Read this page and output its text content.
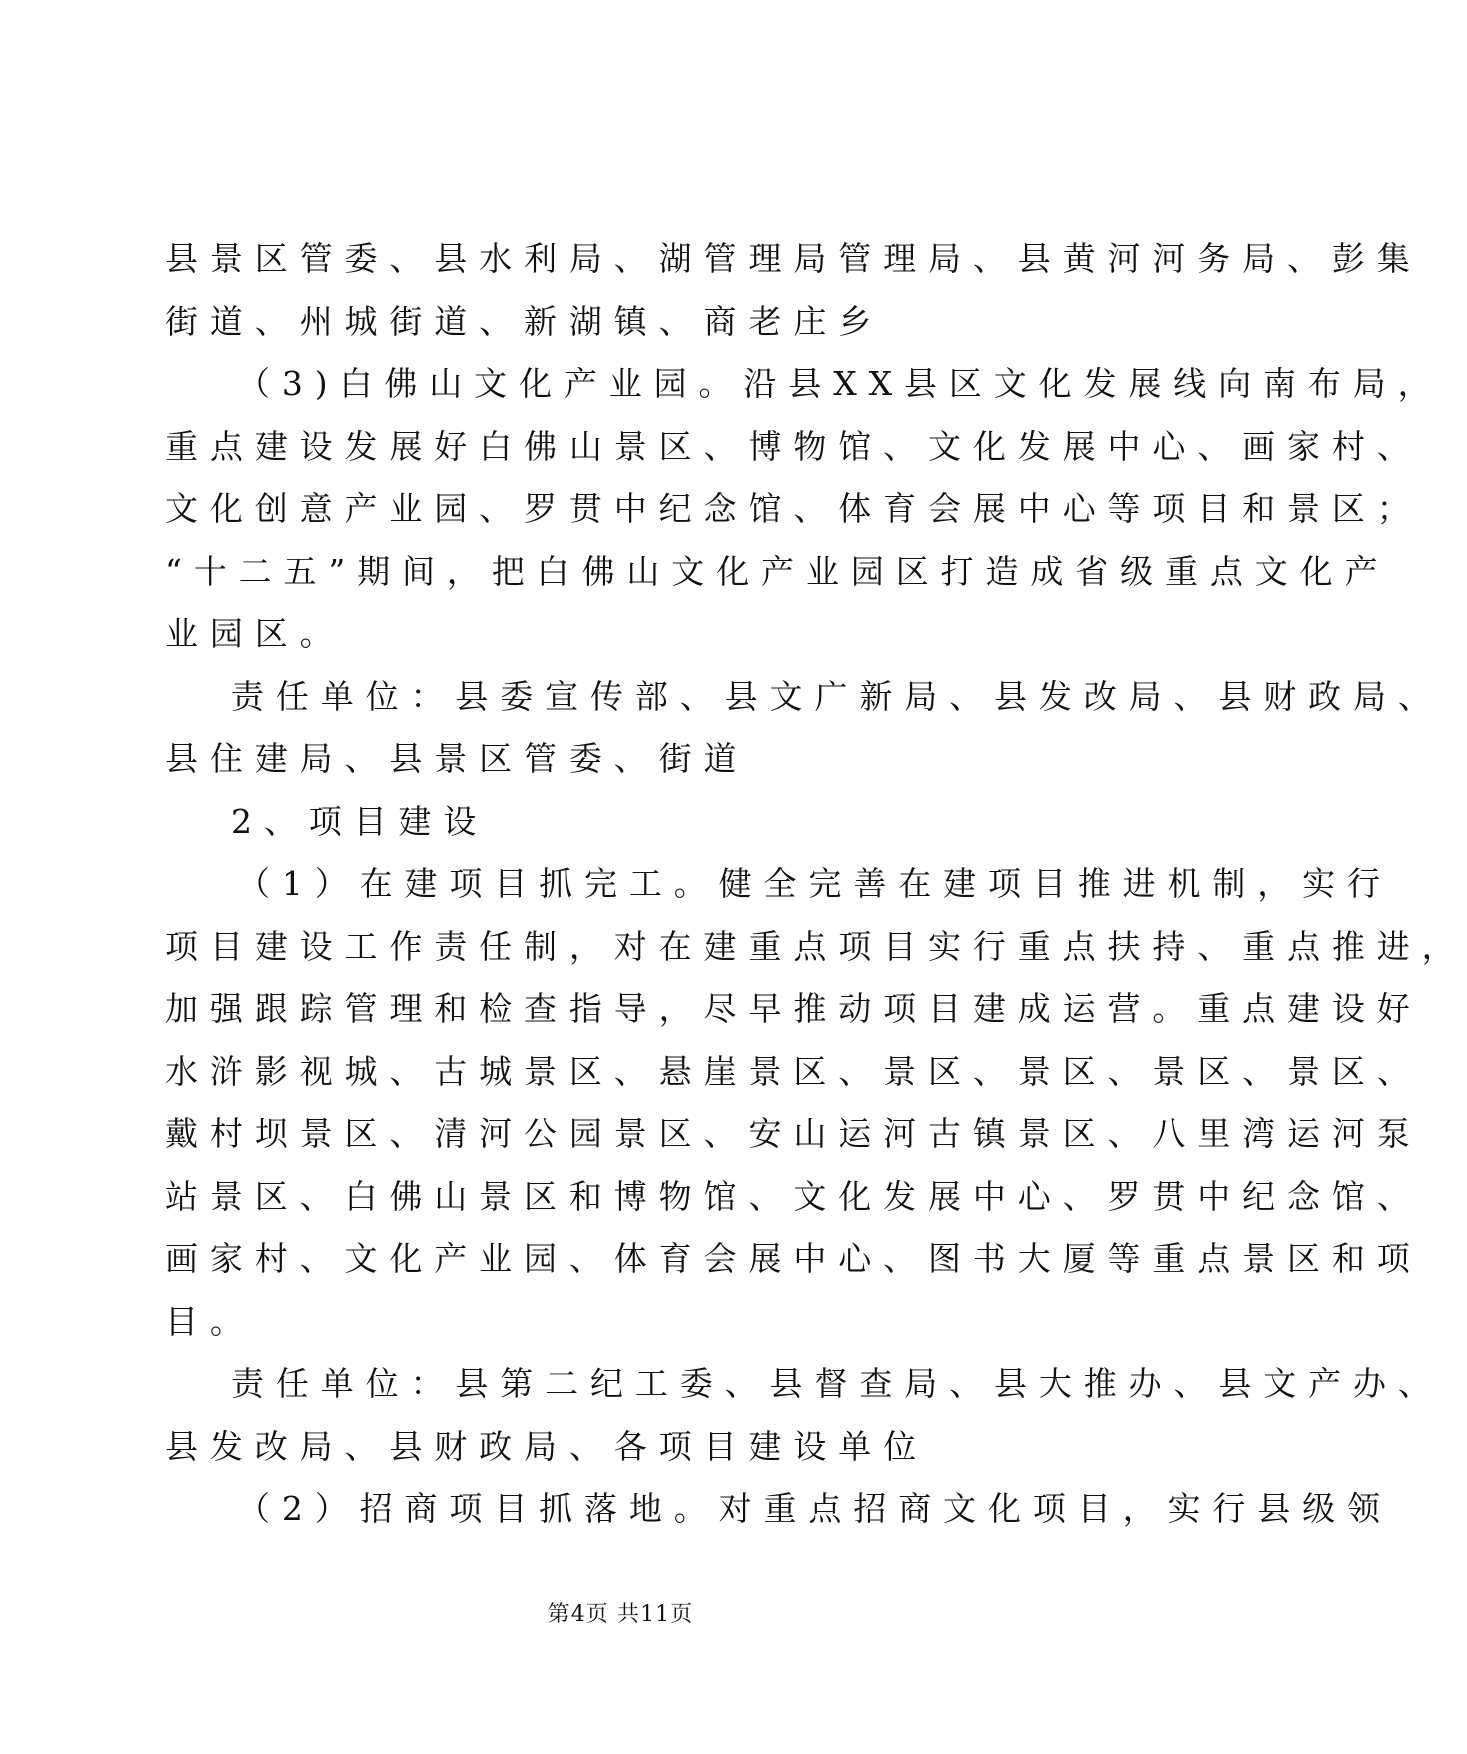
县景区管委、县水利局、湖管理局管理局、县黄河河务局、彭集
街道、州城街道、新湖镇、商老庄乡
（3)白佛山文化产业园。沿县XX县区文化发展线向南布局，
重点建设发展好白佛山景区、博物馆、文化发展中心、画家村、
文化创意产业园、罗贯中纪念馆、体育会展中心等项目和景区；
“十二五”期间，把白佛山文化产业园区打造成省级重点文化产
业园区。
责任单位：县委宣传部、县文广新局、县发改局、县财政局、
县住建局、县景区管委、街道
2、项目建设
（1）在建项目抓完工。健全完善在建项目推进机制，实行
项目建设工作责任制，对在建重点项目实行重点扶持、重点推进，
加强跟踪管理和检查指导，尽早推动项目建成运营。重点建设好
水浒影视城、古城景区、悬崖景区、景区、景区、景区、景区、
戴村坝景区、清河公园景区、安山运河古镇景区、八里湾运河泵
站景区、白佛山景区和博物馆、文化发展中心、罗贯中纪念馆、
画家村、文化产业园、体育会展中心、图书大厦等重点景区和项
目。
责任单位：县第二纪工委、县督查局、县大推办、县文产办、
县发改局、县财政局、各项目建设单位
（2）招商项目抓落地。对重点招商文化项目，实行县级领
第4页 共11页
